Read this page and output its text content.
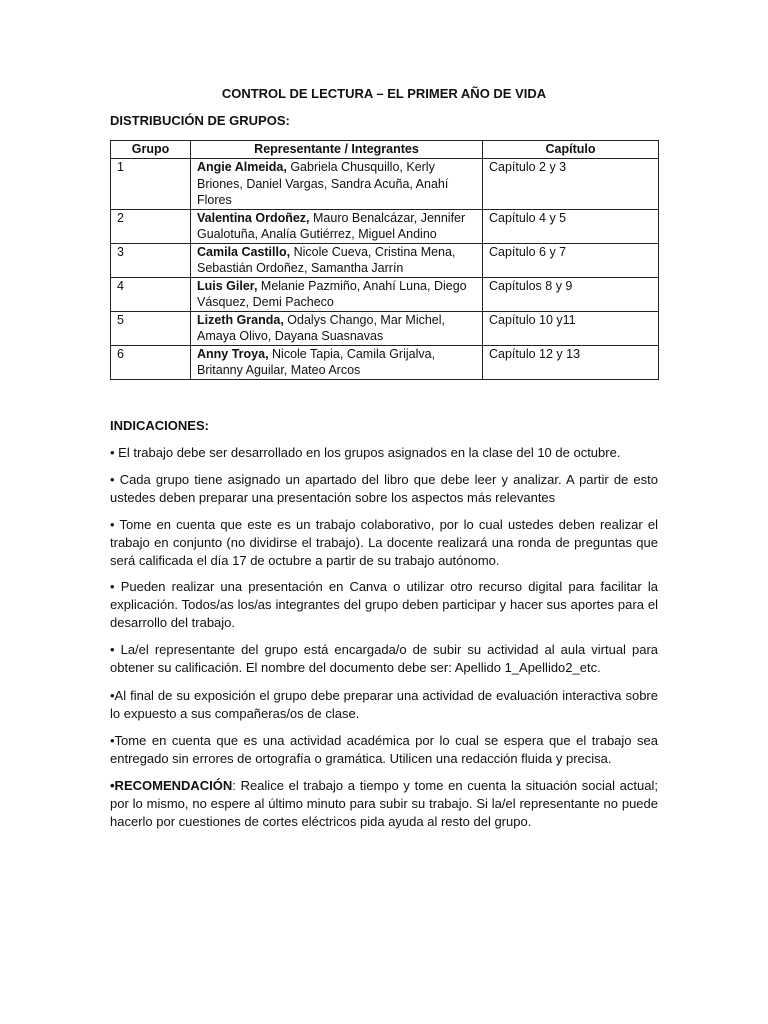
CONTROL DE LECTURA – EL PRIMER AÑO DE VIDA
DISTRIBUCIÓN DE GRUPOS:
Grupo	Representante / Integrantes	Capítulo
1	Angie Almeida, Gabriela Chusquillo, Kerly Briones, Daniel Vargas, Sandra Acuña, Anahí Flores	Capítulo 2 y 3
2	Valentina Ordoñez, Mauro Benalcázar, Jennifer Gualotuña, Analía Gutiérrez, Miguel Andino	Capítulo 4 y 5
3	Camila Castillo, Nicole Cueva, Cristina Mena, Sebastián Ordoñez, Samantha Jarrín	Capítulo 6 y 7
4	Luis Giler, Melanie Pazmiño, Anahí Luna, Diego Vásquez, Demi Pacheco	Capítulos 8 y 9
5	Lizeth Granda, Odalys Chango, Mar Michel, Amaya Olivo, Dayana Suasnavas	Capítulo 10 y11
6	Anny Troya, Nicole Tapia, Camila Grijalva, Britanny Aguilar, Mateo Arcos	Capítulo 12 y 13
INDICACIONES:

• El trabajo debe ser desarrollado en los grupos asignados en la clase del 10 de octubre.

• Cada grupo tiene asignado un apartado del libro que debe leer y analizar. A partir de esto ustedes deben preparar una presentación sobre los aspectos más relevantes

• Tome en cuenta que este es un trabajo colaborativo, por lo cual ustedes deben realizar el trabajo en conjunto (no dividirse el trabajo). La docente realizará una ronda de preguntas que será calificada el día 17 de octubre a partir de su trabajo autónomo.

• Pueden realizar una presentación en Canva o utilizar otro recurso digital para facilitar la explicación. Todos/as los/as integrantes del grupo deben participar y hacer sus aportes para el desarrollo del trabajo.

• La/el representante del grupo está encargada/o de subir su actividad al aula virtual para obtener su calificación. El nombre del documento debe ser: Apellido 1_Apellido2_etc.

•Al final de su exposición el grupo debe preparar una actividad de evaluación interactiva sobre lo expuesto a sus compañeras/os de clase.

•Tome en cuenta que es una actividad académica por lo cual se espera que el trabajo sea entregado sin errores de ortografía o gramática. Utilicen una redacción fluida y precisa.

•RECOMENDACIÓN: Realice el trabajo a tiempo y tome en cuenta la situación social actual; por lo mismo, no espere al último minuto para subir su trabajo. Si la/el representante no puede hacerlo por cuestiones de cortes eléctricos pida ayuda al resto del grupo.
